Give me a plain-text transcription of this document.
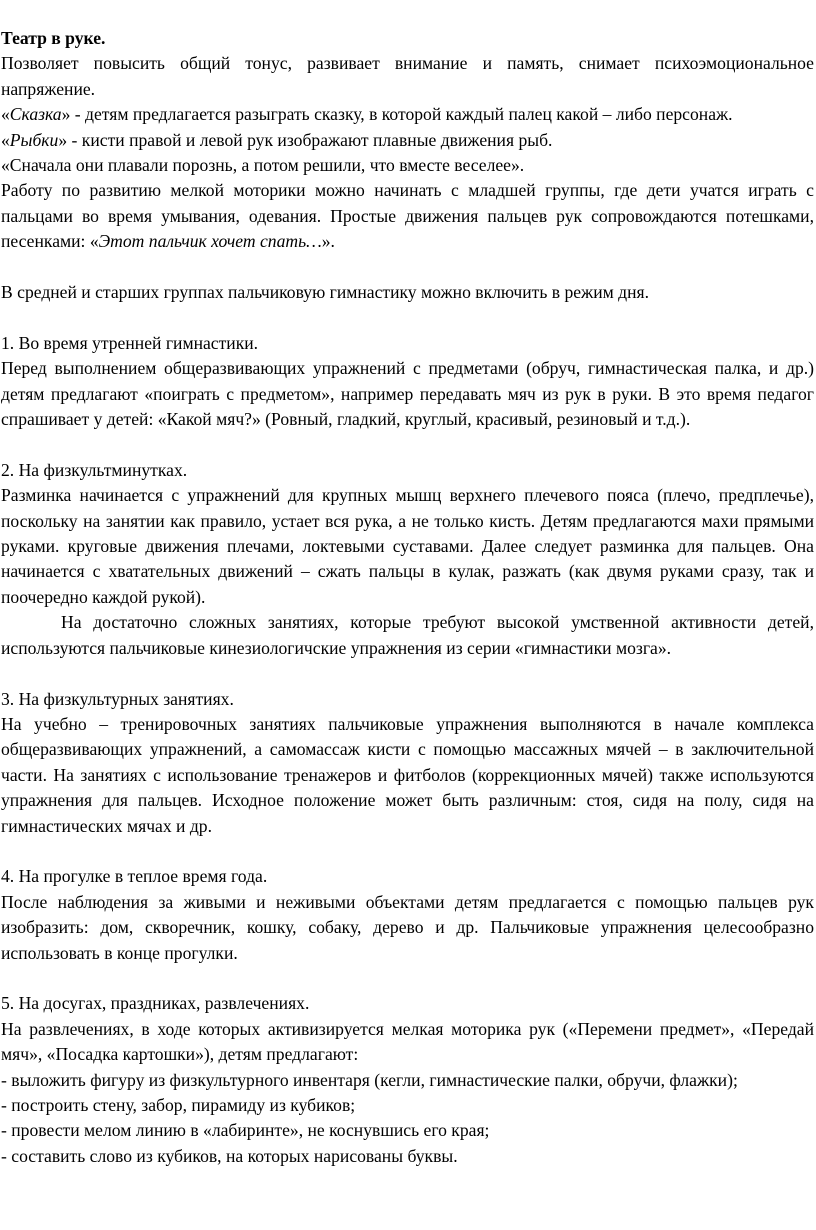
Театр в руке.

Позволяет повысить общий тонус, развивает внимание и память, снимает психоэмоциональное напряжение.

«Сказка» - детям предлагается разыграть сказку, в которой каждый палец какой – либо персонаж.

«Рыбки» - кисти правой и левой рук изображают плавные движения рыб.

«Сначала они плавали порознь, а потом решили, что вместе веселее».

Работу по развитию мелкой моторики можно начинать с младшей группы, где дети учатся играть с пальцами во время умывания, одевания. Простые движения пальцев рук сопровождаются потешками, песенками: «Этот пальчик хочет спать…».

В средней и старших группах пальчиковую гимнастику можно включить в режим дня.

1. Во время утренней гимнастики.

Перед выполнением общеразвивающих упражнений с предметами (обруч, гимнастическая палка, и др.) детям предлагают «поиграть с предметом», например передавать мяч из рук в руки. В это время педагог спрашивает у детей: «Какой мяч?» (Ровный, гладкий, круглый, красивый, резиновый и т.д.).

2. На физкультминутках.

Разминка начинается с упражнений для крупных мышц верхнего плечевого пояса (плечо, предплечье), поскольку на занятии как правило, устает вся рука, а не только кисть. Детям предлагаются махи прямыми руками. круговые движения плечами, локтевыми суставами. Далее следует разминка для пальцев. Она начинается с хватательных движений – сжать пальцы в кулак, разжать (как двумя руками сразу, так и поочередно каждой рукой).

На достаточно сложных занятиях, которые требуют высокой умственной активности детей, используются пальчиковые кинезиологичские упражнения из серии «гимнастики мозга».

3. На физкультурных занятиях.

На учебно – тренировочных занятиях пальчиковые упражнения выполняются в начале комплекса общеразвивающих упражнений, а самомассаж кисти с помощью массажных мячей – в заключительной части. На занятиях с использование тренажеров и фитболов (коррекционных мячей) также используются упражнения для пальцев. Исходное положение может быть различным: стоя, сидя на полу, сидя на гимнастических мячах и др.

4. На прогулке в теплое время года.

После наблюдения за живыми и неживыми объектами детям предлагается с помощью пальцев рук изобразить: дом, скворечник, кошку, собаку, дерево и др. Пальчиковые упражнения целесообразно использовать в конце прогулки.

5. На досугах, праздниках, развлечениях.

На развлечениях, в ходе которых активизируется мелкая моторика рук («Перемени предмет», «Передай мяч», «Посадка картошки»), детям предлагают:

- выложить фигуру из физкультурного инвентаря (кегли, гимнастические палки, обручи, флажки);

- построить стену, забор, пирамиду из кубиков;

- провести мелом линию в «лабиринте», не коснувшись его края;

- составить слово из кубиков, на которых нарисованы буквы.
